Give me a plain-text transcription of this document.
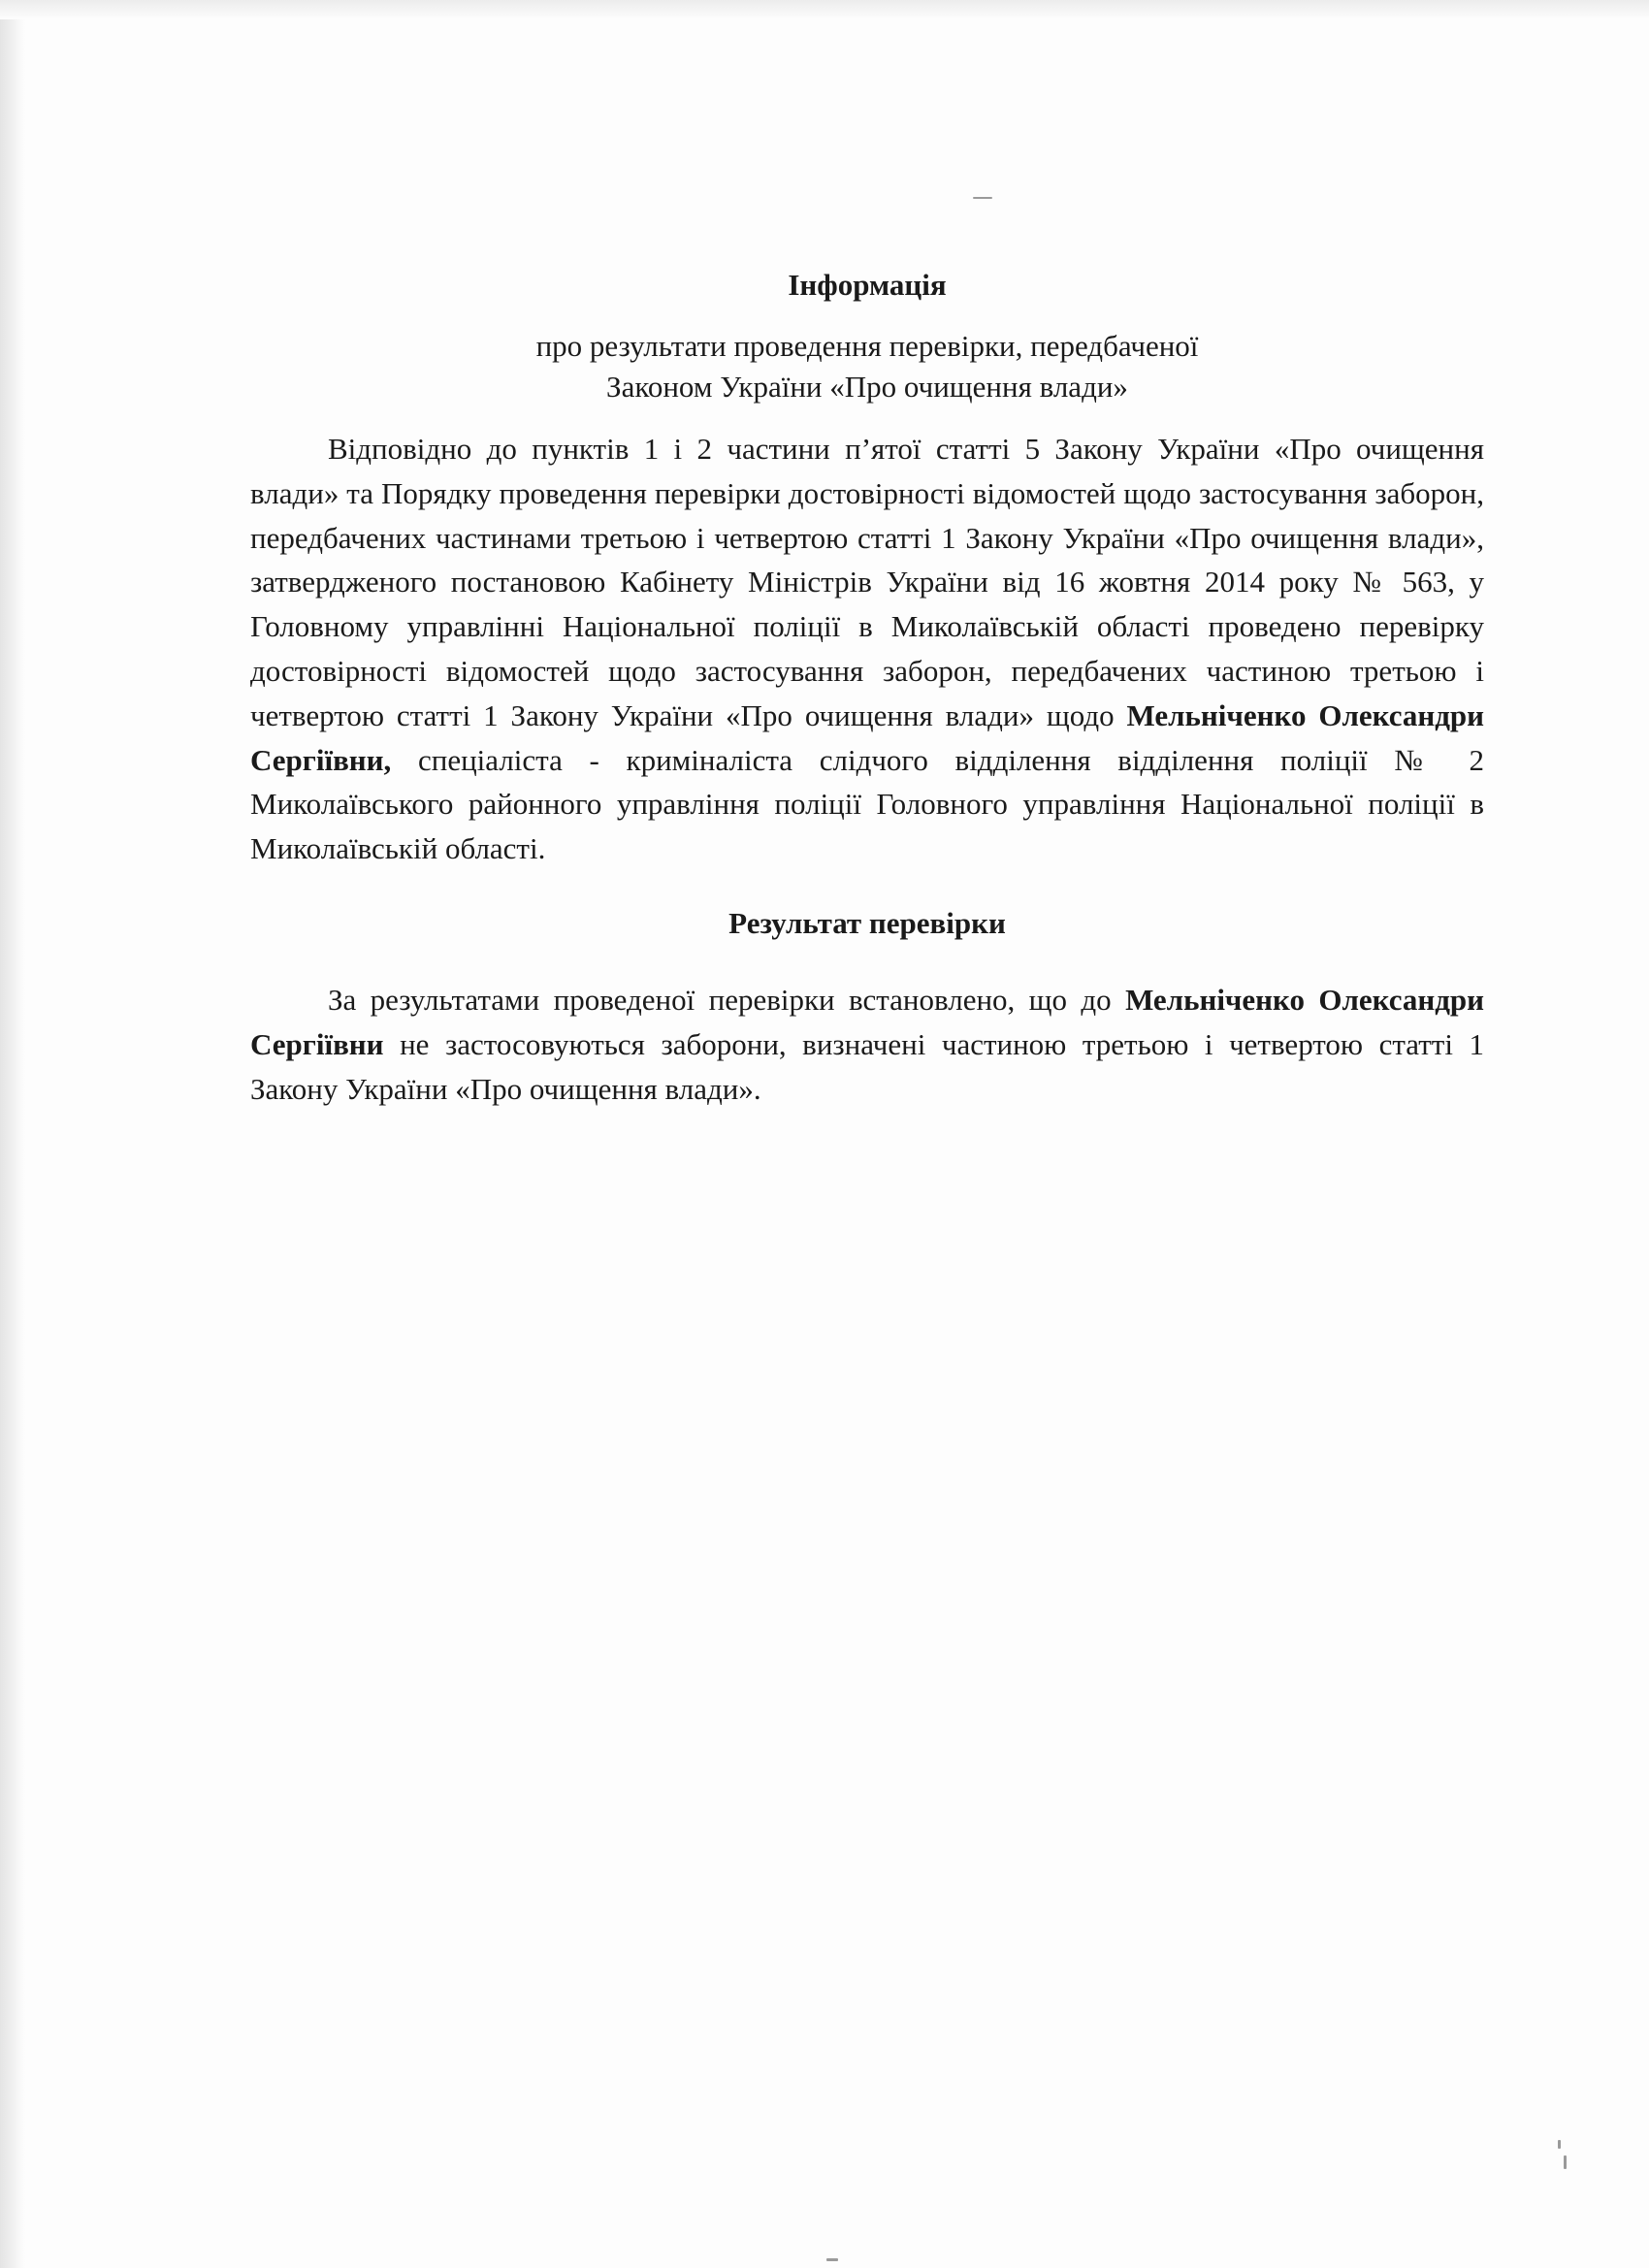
Інформація
про результати проведення перевірки, передбаченої
Законом України «Про очищення влади»

Відповідно до пунктів 1 і 2 частини п’ятої статті 5 Закону України «Про очищення влади» та Порядку проведення перевірки достовірності відомостей щодо застосування заборон, передбачених частинами третьою і четвертою статті 1 Закону України «Про очищення влади», затвердженого постановою Кабінету Міністрів України від 16 жовтня 2014 року № 563, у Головному управлінні Національної поліції в Миколаївській області проведено перевірку достовірності відомостей щодо застосування заборон, передбачених частиною третьою і четвертою статті 1 Закону України «Про очищення влади» щодо Мельніченко Олександри Сергіївни, спеціаліста - криміналіста слідчого відділення відділення поліції № 2 Миколаївського районного управління поліції Головного управління Національної поліції в Миколаївській області.

Результат перевірки

За результатами проведеної перевірки встановлено, що до Мельніченко Олександри Сергіївни не застосовуються заборони, визначені частиною третьою і четвертою статті 1 Закону України «Про очищення влади».
